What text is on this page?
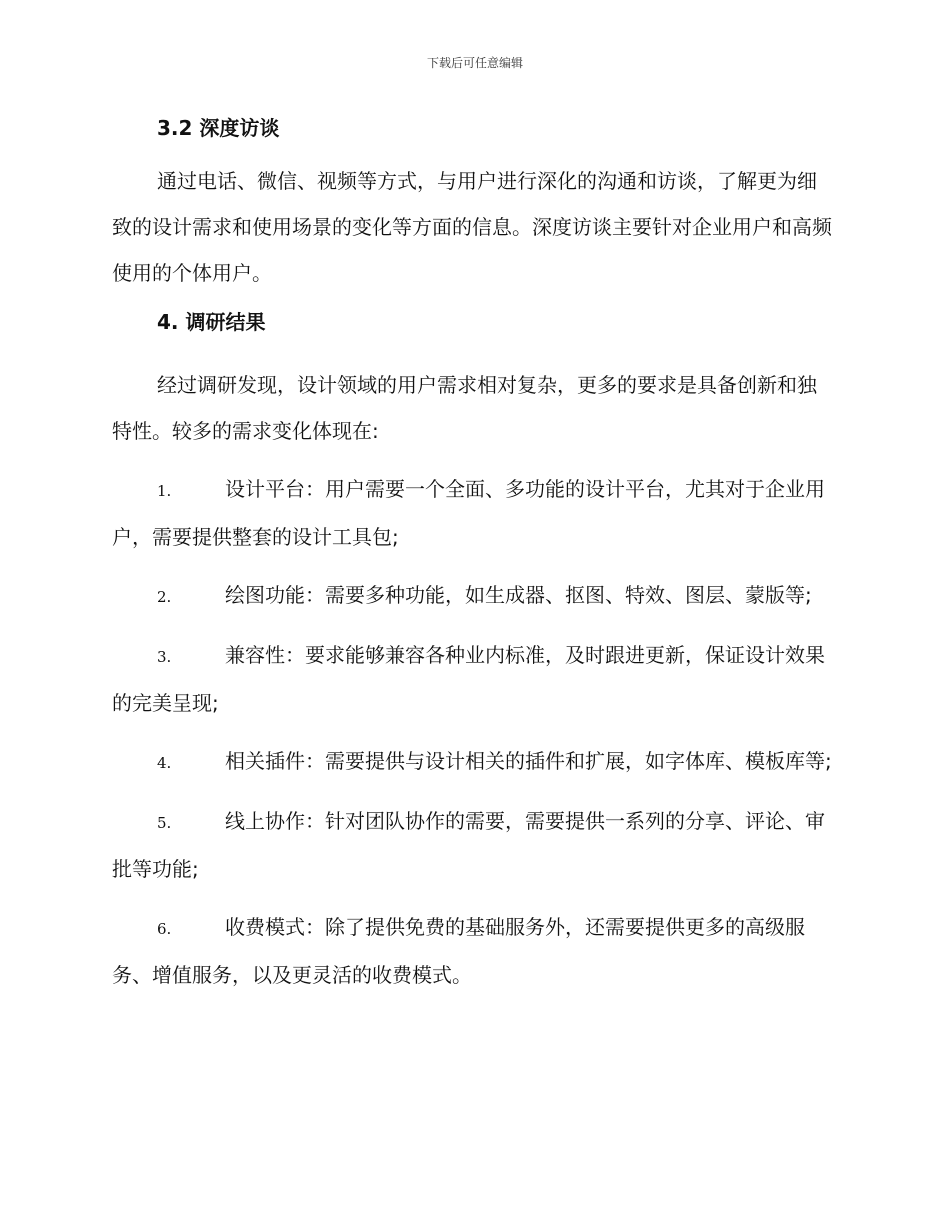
下载后可任意编辑
3.2 深度访谈

通过电话、微信、视频等方式，与用户进行深化的沟通和访谈，了解更为细致的设计需求和使用场景的变化等方面的信息。深度访谈主要针对企业用户和高频使用的个体用户。

4. 调研结果

经过调研发现，设计领域的用户需求相对复杂，更多的要求是具备创新和独特性。较多的需求变化体现在:

1.	设计平台：用户需要一个全面、多功能的设计平台，尤其对于企业用户，需要提供整套的设计工具包;
2.	绘图功能：需要多种功能，如生成器、抠图、特效、图层、蒙版等;
3.	兼容性：要求能够兼容各种业内标准，及时跟进更新，保证设计效果的完美呈现;
4.	相关插件：需要提供与设计相关的插件和扩展，如字体库、模板库等;
5.	线上协作：针对团队协作的需要，需要提供一系列的分享、评论、审批等功能;
6.	收费模式：除了提供免费的基础服务外，还需要提供更多的高级服务、增值服务，以及更灵活的收费模式。
